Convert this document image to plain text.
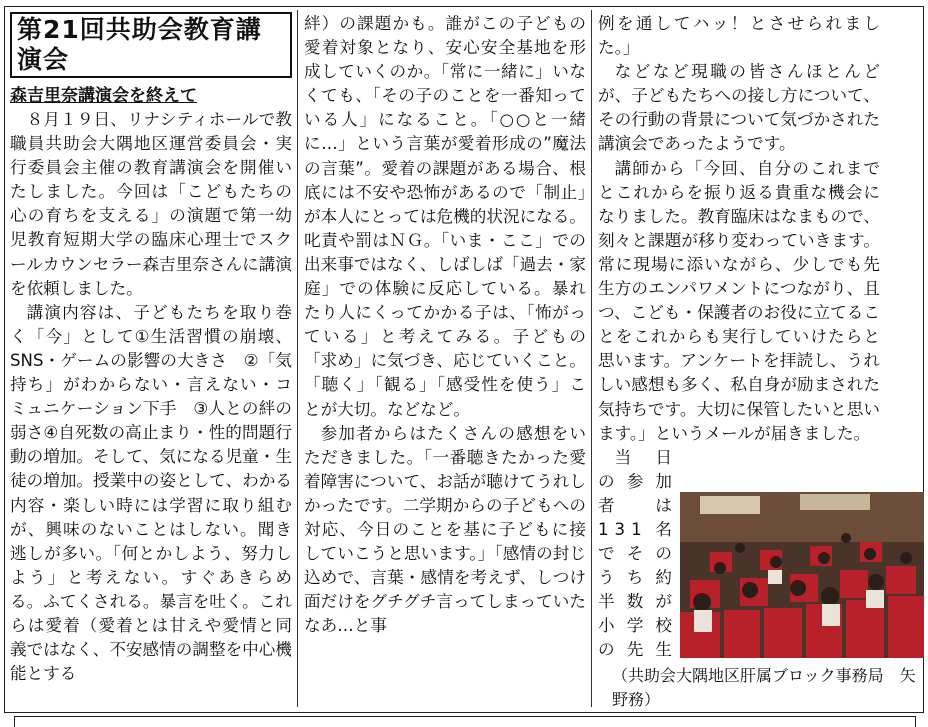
第21回共助会教育講演会

森吉里奈講演会を終えて

８月１９日、リナシティホールで教職員共助会大隅地区運営委員会・実行委員会主催の教育講演会を開催いたしました。今回は「こどもたちの心の育ちを支える」の演題で第一幼児教育短期大学の臨床心理士でスクールカウンセラー森吉里奈さんに講演を依頼しました。

講演内容は、子どもたちを取り巻く「今」として①生活習慣の崩壊、SNS・ゲームの影響の大きさ　②「気持ち」がわからない・言えない・コミュニケーション下手　③人との絆の弱さ④自死数の高止まり・性的問題行動の増加。そして、気になる児童・生徒の増加。授業中の姿として、わかる内容・楽しい時には学習に取り組むが、興味のないことはしない。聞き逃しが多い。「何とかしよう、努力しよう」と考えない。すぐあきらめる。ふてくされる。暴言を吐く。これらは愛着（愛着とは甘えや愛情と同義ではなく、不安感情の調整を中心機能とする

絆）の課題かも。誰がこの子どもの愛着対象となり、安心安全基地を形成していくのか。「常に一緒に」いなくても、「その子のことを一番知っている人」になること。「○○と一緒に…」という言葉が愛着形成の”魔法の言葉”。愛着の課題がある場合、根底には不安や恐怖があるので「制止」が本人にとっては危機的状況になる。叱責や罰はＮＧ。「いま・ここ」での出来事ではなく、しばしば「過去・家庭」での体験に反応している。暴れたり人にくってかかる子は、「怖がっている」と考えてみる。子どもの「求め」に気づき、応じていくこと。「聴く」「観る」「感受性を使う」ことが大切。などなど。

参加者からはたくさんの感想をいただきました。「一番聴きたかった愛着障害について、お話が聴けてうれしかったです。二学期からの子どもへの対応、今日のことを基に子どもに接していこうと思います。」「感情の封じ込めで、言葉・感情を考えず、しつけ面だけをグチグチ言ってしまっていたなあ…と事

例を通してハッ！とさせられました。」

などなど現職の皆さんほとんどが、子どもたちへの接し方について、その行動の背景について気づかされた講演会であったようです。

講師から「今回、自分のこれまでとこれからを振り返る貴重な機会になりました。教育臨床はなまもので、刻々と課題が移り変わっていきます。常に現場に添いながら、少しでも先生方のエンパワメントにつながり、且つ、こども・保護者のお役に立てることをこれからも実行していけたらと思います。アンケートを拝読し、うれしい感想も多く、私自身が励まされた気持ちです。大切に保管したいと思います。」というメールが届きました。

当日の参加者は131名でそのうち約半数が小学校の先生

（共助会大隅地区肝属ブロック事務局　矢野務）
